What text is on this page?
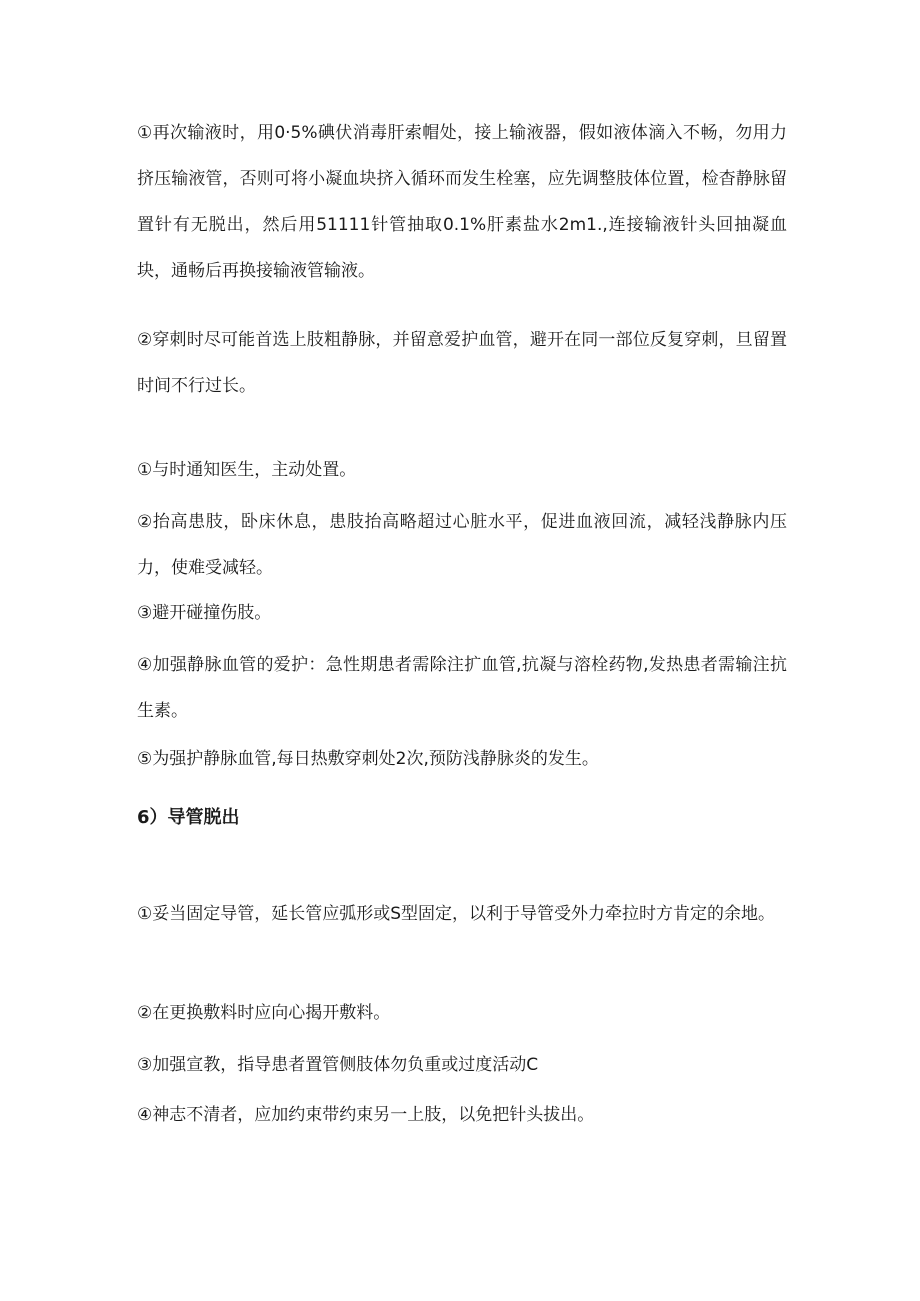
①再次输液时，用0·5%碘伏消毒肝索帽处，接上输液器，假如液体滴入不畅，勿用力挤压输液管，否则可将小凝血块挤入循环而发生栓塞，应先调整肢体位置，检杳静脉留置针有无脱出，然后用51111针管抽取0.1%肝素盐水2m1.,连接输液针头回抽凝血块，通畅后再换接输液管输液。

②穿刺时尽可能首选上肢粗静脉，并留意爱护血管，避开在同一部位反复穿刺，旦留置时间不行过长。

①与时通知医生，主动处置。

②抬高患肢，卧床休息，患肢抬高略超过心脏水平，促进血液回流，减轻浅静脉内压力，使难受减轻。

③避开碰撞伤肢。

④加强静脉血管的爱护：急性期患者需除注扩血管,抗凝与溶栓药物,发热患者需输注抗生素。

⑤为强护静脉血管,每日热敷穿刺处2次,预防浅静脉炎的发生。

6）导管脱出

①妥当固定导管，延长管应弧形或S型固定，以利于导管受外力牵拉时方肯定的余地。

②在更换敷料时应向心揭开敷料。

③加强宣教，指导患者置管侧肢体勿负重或过度活动C

④神志不清者，应加约束带约束另一上肢，以免把针头拔出。
